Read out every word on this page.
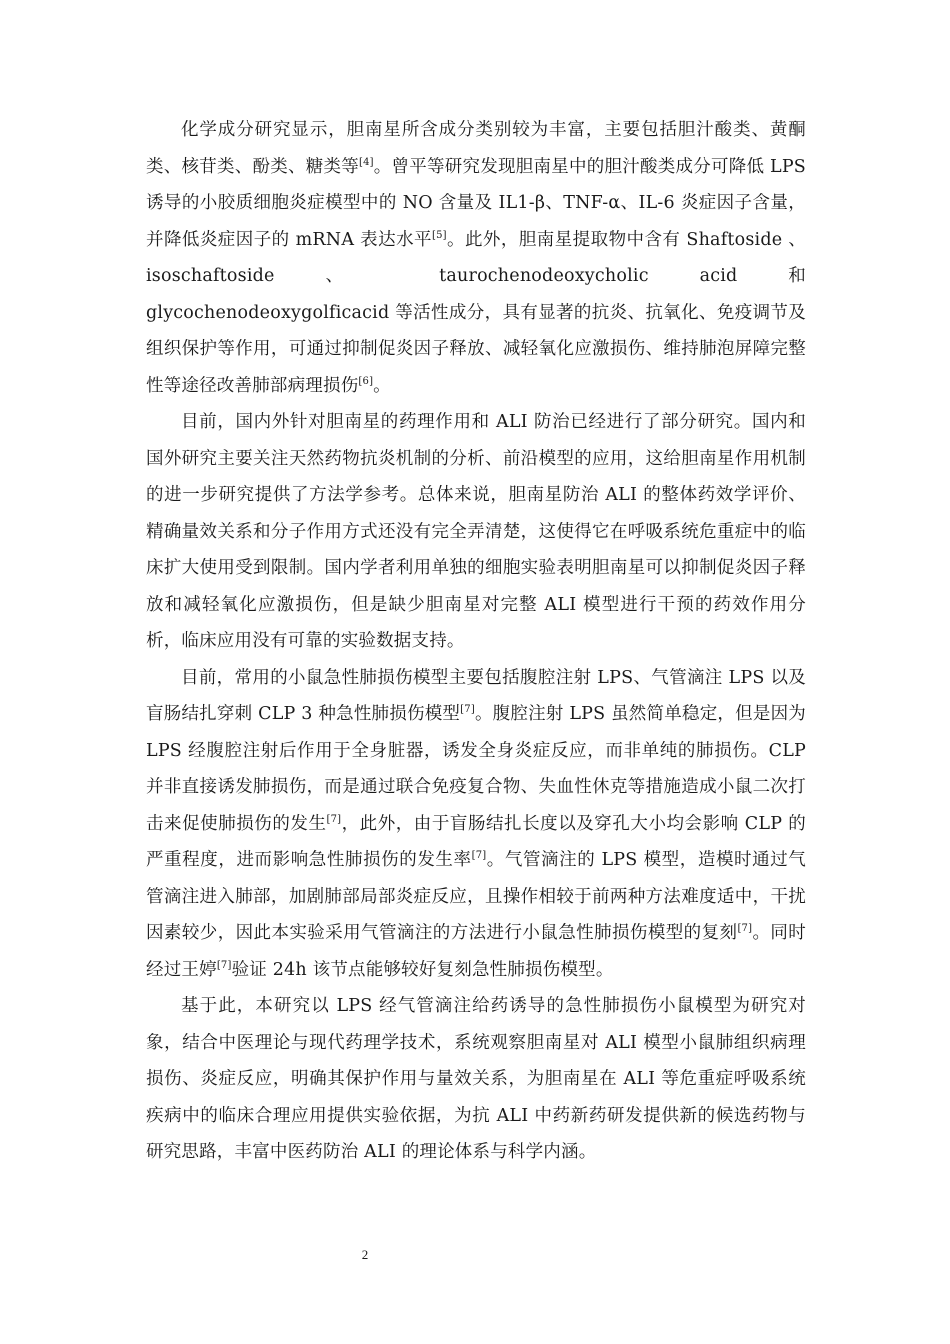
化学成分研究显示，胆南星所含成分类别较为丰富，主要包括胆汁酸类、黄酮类、核苷类、酚类、糖类等[4]。曾平等研究发现胆南星中的胆汁酸类成分可降低 LPS 诱导的小胶质细胞炎症模型中的 NO 含量及 IL1-β、TNF-α、IL-6 炎症因子含量，并降低炎症因子的 mRNA 表达水平[5]。此外，胆南星提取物中含有 Shaftoside 、 isoschaftoside 、 taurochenodeoxycholic acid 和 glycochenodeoxygolficacid 等活性成分，具有显著的抗炎、抗氧化、免疫调节及组织保护等作用，可通过抑制促炎因子释放、减轻氧化应激损伤、维持肺泡屏障完整性等途径改善肺部病理损伤[6]。

目前，国内外针对胆南星的药理作用和 ALI 防治已经进行了部分研究。国内和国外研究主要关注天然药物抗炎机制的分析、前沿模型的应用，这给胆南星作用机制的进一步研究提供了方法学参考。总体来说，胆南星防治 ALI 的整体药效学评价、精确量效关系和分子作用方式还没有完全弄清楚，这使得它在呼吸系统危重症中的临床扩大使用受到限制。国内学者利用单独的细胞实验表明胆南星可以抑制促炎因子释放和减轻氧化应激损伤，但是缺少胆南星对完整 ALI 模型进行干预的药效作用分析，临床应用没有可靠的实验数据支持。

目前，常用的小鼠急性肺损伤模型主要包括腹腔注射 LPS、气管滴注 LPS 以及盲肠结扎穿刺 CLP 3 种急性肺损伤模型[7]。腹腔注射 LPS 虽然简单稳定，但是因为 LPS 经腹腔注射后作用于全身脏器，诱发全身炎症反应，而非单纯的肺损伤。CLP 并非直接诱发肺损伤，而是通过联合免疫复合物、失血性休克等措施造成小鼠二次打击来促使肺损伤的发生[7]，此外，由于盲肠结扎长度以及穿孔大小均会影响 CLP 的严重程度，进而影响急性肺损伤的发生率[7]。气管滴注的 LPS 模型，造模时通过气管滴注进入肺部，加剧肺部局部炎症反应，且操作相较于前两种方法难度适中，干扰因素较少，因此本实验采用气管滴注的方法进行小鼠急性肺损伤模型的复刻[7]。同时经过王婷[7]验证 24h 该节点能够较好复刻急性肺损伤模型。

基于此，本研究以 LPS 经气管滴注给药诱导的急性肺损伤小鼠模型为研究对象，结合中医理论与现代药理学技术，系统观察胆南星对 ALI 模型小鼠肺组织病理损伤、炎症反应，明确其保护作用与量效关系，为胆南星在 ALI 等危重症呼吸系统疾病中的临床合理应用提供实验依据，为抗 ALI 中药新药研发提供新的候选药物与研究思路，丰富中医药防治 ALI 的理论体系与科学内涵。

2
